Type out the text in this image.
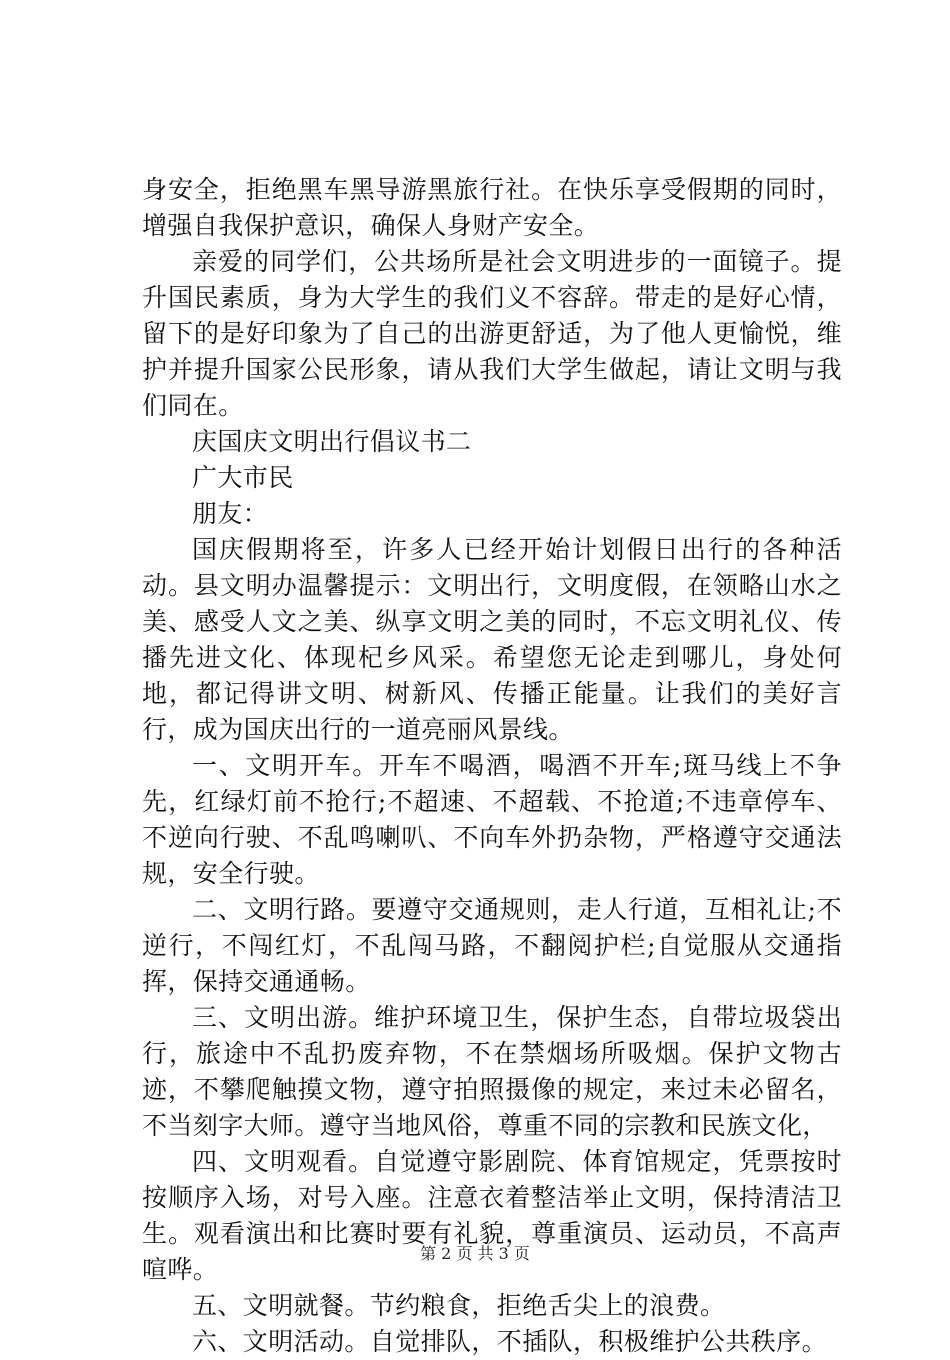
身安全，拒绝黑车黑导游黑旅行社。在快乐享受假期的同时，增强自我保护意识，确保人身财产安全。

亲爱的同学们，公共场所是社会文明进步的一面镜子。提升国民素质，身为大学生的我们义不容辞。带走的是好心情，留下的是好印象为了自己的出游更舒适，为了他人更愉悦，维护并提升国家公民形象，请从我们大学生做起，请让文明与我们同在。

庆国庆文明出行倡议书二

广大市民

朋友：

国庆假期将至，许多人已经开始计划假日出行的各种活动。县文明办温馨提示：文明出行，文明度假，在领略山水之美、感受人文之美、纵享文明之美的同时，不忘文明礼仪、传播先进文化、体现杞乡风采。希望您无论走到哪儿，身处何地，都记得讲文明、树新风、传播正能量。让我们的美好言行，成为国庆出行的一道亮丽风景线。

一、文明开车。开车不喝酒，喝酒不开车;斑马线上不争先，红绿灯前不抢行;不超速、不超载、不抢道;不违章停车、不逆向行驶、不乱鸣喇叭、不向车外扔杂物，严格遵守交通法规，安全行驶。

二、文明行路。要遵守交通规则，走人行道，互相礼让;不逆行，不闯红灯，不乱闯马路，不翻阅护栏;自觉服从交通指挥，保持交通通畅。

三、文明出游。维护环境卫生，保护生态，自带垃圾袋出行，旅途中不乱扔废弃物，不在禁烟场所吸烟。保护文物古迹，不攀爬触摸文物，遵守拍照摄像的规定，来过未必留名，不当刻字大师。遵守当地风俗，尊重不同的宗教和民族文化，

四、文明观看。自觉遵守影剧院、体育馆规定，凭票按时按顺序入场，对号入座。注意衣着整洁举止文明，保持清洁卫生。观看演出和比赛时要有礼貌，尊重演员、运动员，不高声喧哗。

五、文明就餐。节约粮食，拒绝舌尖上的浪费。

六、文明活动。自觉排队，不插队，积极维护公共秩序。

第 2 页 共 3 页
